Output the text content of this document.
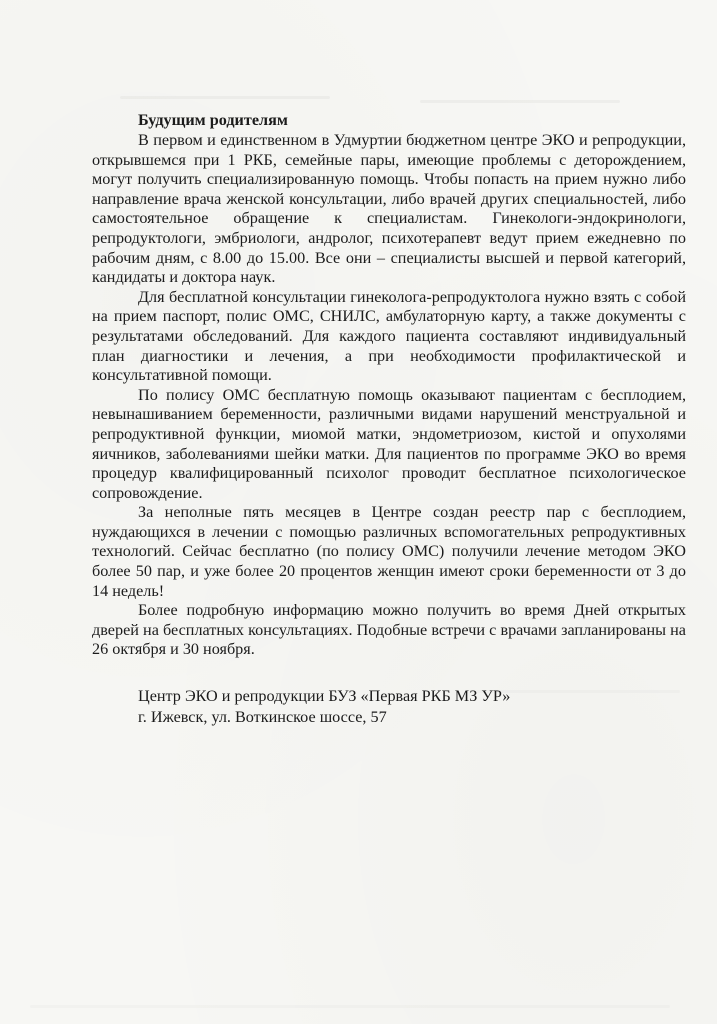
Будущим родителям

В первом и единственном в Удмуртии бюджетном центре ЭКО и репродукции, открывшемся при 1 РКБ, семейные пары, имеющие проблемы с деторождением, могут получить специализированную помощь. Чтобы попасть на прием нужно либо направление врача женской консультации, либо врачей других специальностей, либо самостоятельное обращение к специалистам. Гинекологи-эндокринологи, репродуктологи, эмбриологи, андролог, психотерапевт ведут прием ежедневно по рабочим дням, с 8.00 до 15.00. Все они – специалисты высшей и первой категорий, кандидаты и доктора наук.

Для бесплатной консультации гинеколога-репродуктолога нужно взять с собой на прием паспорт, полис ОМС, СНИЛС, амбулаторную карту, а также документы с результатами обследований. Для каждого пациента составляют индивидуальный план диагностики и лечения, а при необходимости профилактической и консультативной помощи.

По полису ОМС бесплатную помощь оказывают пациентам с бесплодием, невынашиванием беременности, различными видами нарушений менструальной и репродуктивной функции, миомой матки, эндометриозом, кистой и опухолями яичников, заболеваниями шейки матки. Для пациентов по программе ЭКО во время процедур квалифицированный психолог проводит бесплатное психологическое сопровождение.

За неполные пять месяцев в Центре создан реестр пар с бесплодием, нуждающихся в лечении с помощью различных вспомогательных репродуктивных технологий. Сейчас бесплатно (по полису ОМС) получили лечение методом ЭКО более 50 пар, и уже более 20 процентов женщин имеют сроки беременности от 3 до 14 недель!

Более подробную информацию можно получить во время Дней открытых дверей на бесплатных консультациях. Подобные встречи с врачами запланированы на 26 октября и 30 ноября.

Центр ЭКО и репродукции БУЗ «Первая РКБ МЗ УР»
г. Ижевск, ул. Воткинское шоссе, 57
